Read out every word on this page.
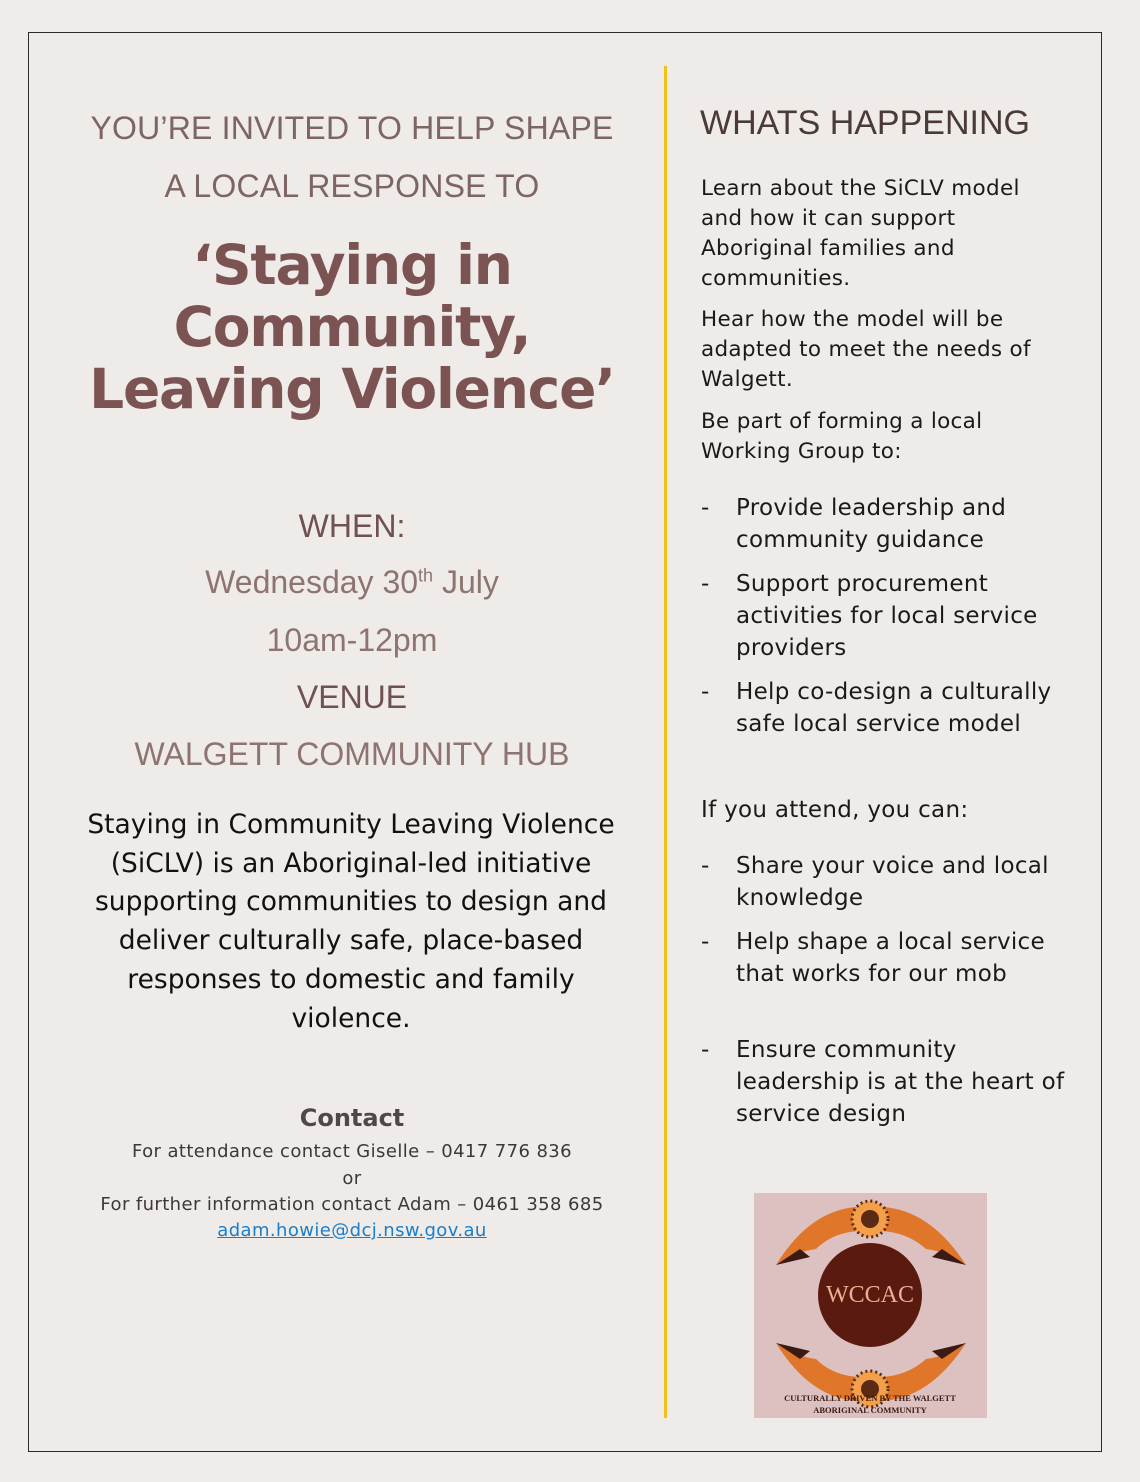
YOU’RE INVITED TO HELP SHAPE
A LOCAL RESPONSE TO
‘Staying in
Community,
Leaving Violence’
WHEN:
Wednesday 30th July
10am-12pm
VENUE
WALGETT COMMUNITY HUB
Staying in Community Leaving Violence (SiCLV) is an Aboriginal-led initiative supporting communities to design and deliver culturally safe, place-based responses to domestic and family violence.
Contact
For attendance contact Giselle – 0417 776 836
or
For further information contact Adam – 0461 358 685
adam.howie@dcj.nsw.gov.au
WHATS HAPPENING
Learn about the SiCLV model and how it can support Aboriginal families and communities.
Hear how the model will be adapted to meet the needs of Walgett.
Be part of forming a local Working Group to:
- Provide leadership and community guidance
- Support procurement activities for local service providers
- Help co-design a culturally safe local service model
If you attend, you can:
- Share your voice and local knowledge
- Help shape a local service that works for our mob
- Ensure community leadership is at the heart of service design
WCCAC
CULTURALLY DRIVEN BY THE WALGETT
ABORIGINAL COMMUNITY
